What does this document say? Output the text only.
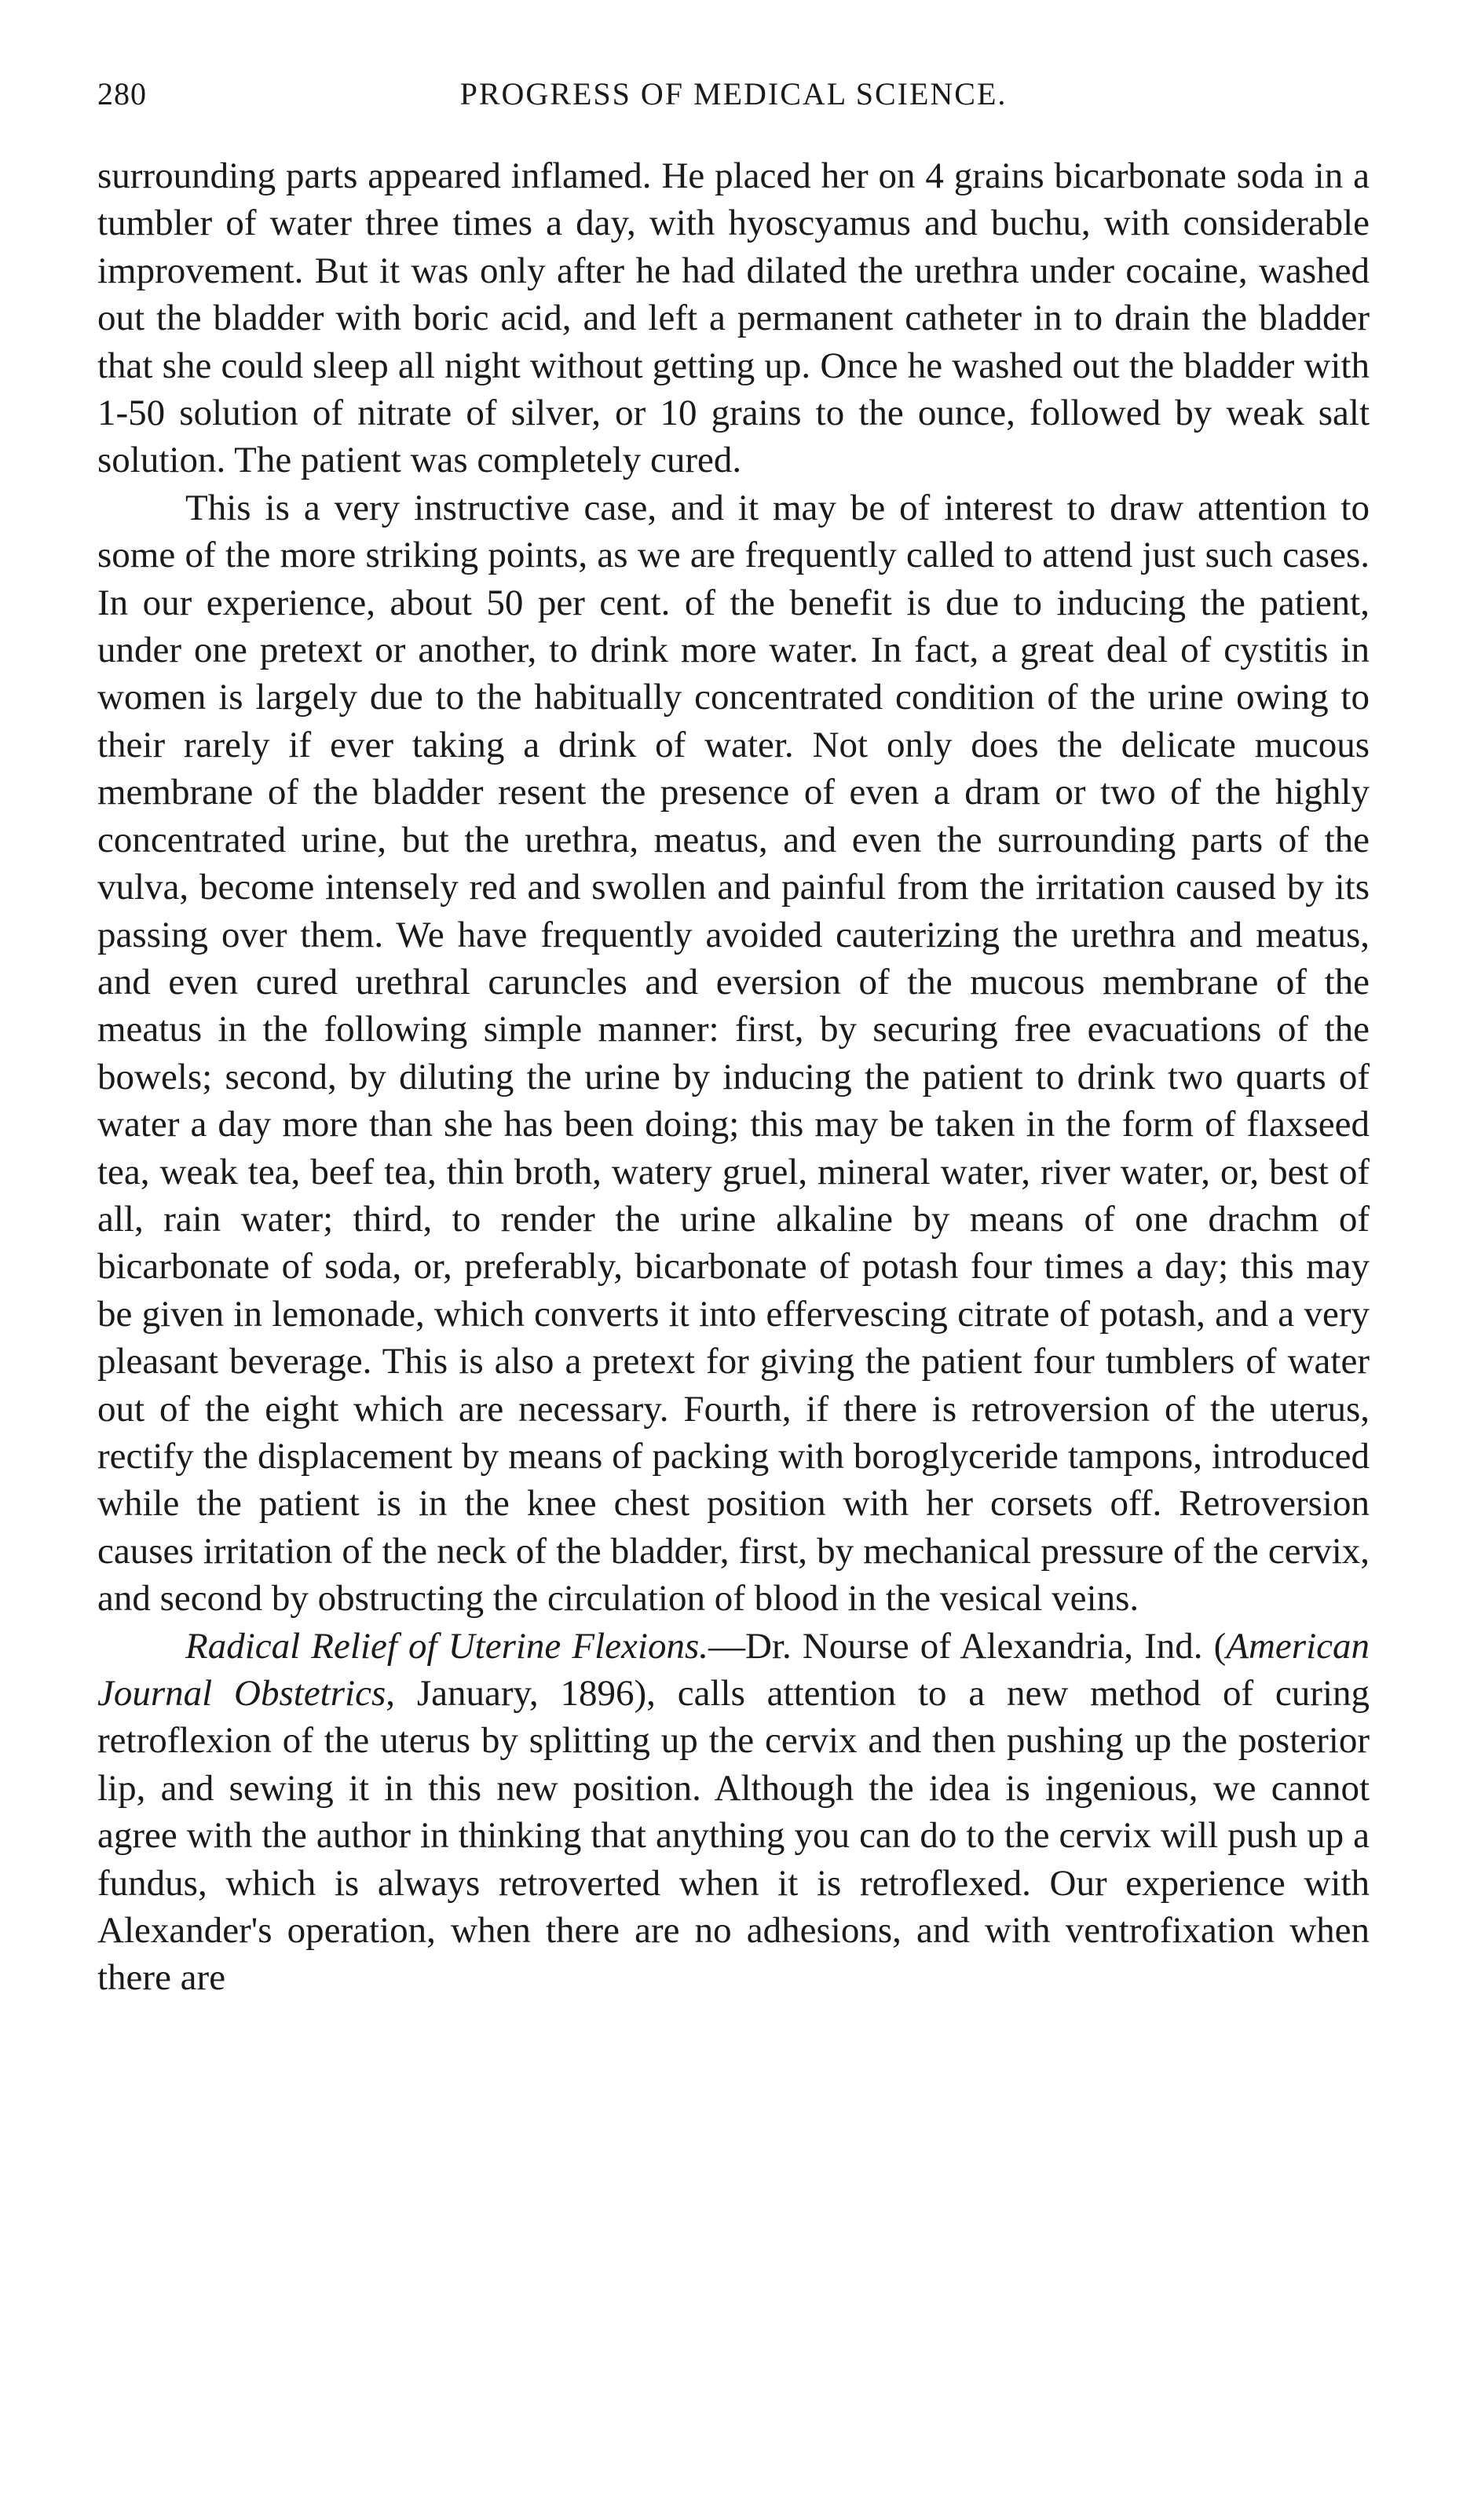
280	PROGRESS OF MEDICAL SCIENCE.

surrounding parts appeared inflamed. He placed her on 4 grains bicarbonate soda in a tumbler of water three times a day, with hyoscyamus and buchu, with considerable improvement. But it was only after he had dilated the urethra under cocaine, washed out the bladder with boric acid, and left a permanent catheter in to drain the bladder that she could sleep all night without getting up. Once he washed out the bladder with 1-50 solution of nitrate of silver, or 10 grains to the ounce, followed by weak salt solution. The patient was completely cured.

This is a very instructive case, and it may be of interest to draw attention to some of the more striking points, as we are frequently called to attend just such cases. In our experience, about 50 per cent. of the benefit is due to inducing the patient, under one pretext or another, to drink more water. In fact, a great deal of cystitis in women is largely due to the habitually concentrated condition of the urine owing to their rarely if ever taking a drink of water. Not only does the delicate mucous membrane of the bladder resent the presence of even a dram or two of the highly concentrated urine, but the urethra, meatus, and even the surrounding parts of the vulva, become intensely red and swollen and painful from the irritation caused by its passing over them. We have frequently avoided cauterizing the urethra and meatus, and even cured urethral caruncles and eversion of the mucous membrane of the meatus in the following simple manner: first, by securing free evacuations of the bowels; second, by diluting the urine by inducing the patient to drink two quarts of water a day more than she has been doing; this may be taken in the form of flaxseed tea, weak tea, beef tea, thin broth, watery gruel, mineral water, river water, or, best of all, rain water; third, to render the urine alkaline by means of one drachm of bicarbonate of soda, or, preferably, bicarbonate of potash four times a day; this may be given in lemonade, which converts it into effervescing citrate of potash, and a very pleasant beverage. This is also a pretext for giving the patient four tumblers of water out of the eight which are necessary. Fourth, if there is retroversion of the uterus, rectify the displacement by means of packing with boroglyceride tampons, introduced while the patient is in the knee chest position with her corsets off. Retroversion causes irritation of the neck of the bladder, first, by mechanical pressure of the cervix, and second by obstructing the circulation of blood in the vesical veins.

Radical Relief of Uterine Flexions.—Dr. Nourse of Alexandria, Ind. (American Journal Obstetrics, January, 1896), calls attention to a new method of curing retroflexion of the uterus by splitting up the cervix and then pushing up the posterior lip, and sewing it in this new position. Although the idea is ingenious, we cannot agree with the author in thinking that anything you can do to the cervix will push up a fundus, which is always retroverted when it is retroflexed. Our experience with Alexander's operation, when there are no adhesions, and with ventrofixation when there are
